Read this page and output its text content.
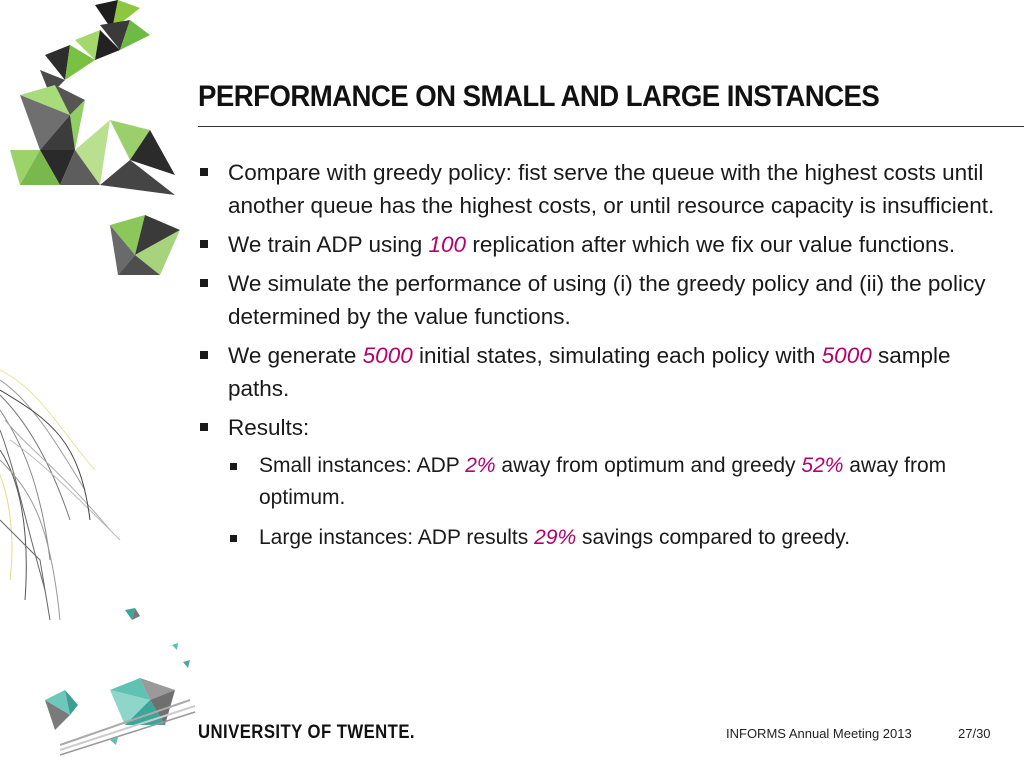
PERFORMANCE ON SMALL AND LARGE INSTANCES
Compare with greedy policy: fist serve the queue with the highest costs until another queue has the highest costs, or until resource capacity is insufficient.
We train ADP using 100 replication after which we fix our value functions.
We simulate the performance of using (i) the greedy policy and (ii) the policy determined by the value functions.
We generate 5000 initial states, simulating each policy with 5000 sample paths.
Results:
Small instances: ADP 2% away from optimum and greedy 52% away from optimum.
Large instances: ADP results 29% savings compared to greedy.
UNIVERSITY OF TWENTE.	INFORMS Annual Meeting 2013	27/30
